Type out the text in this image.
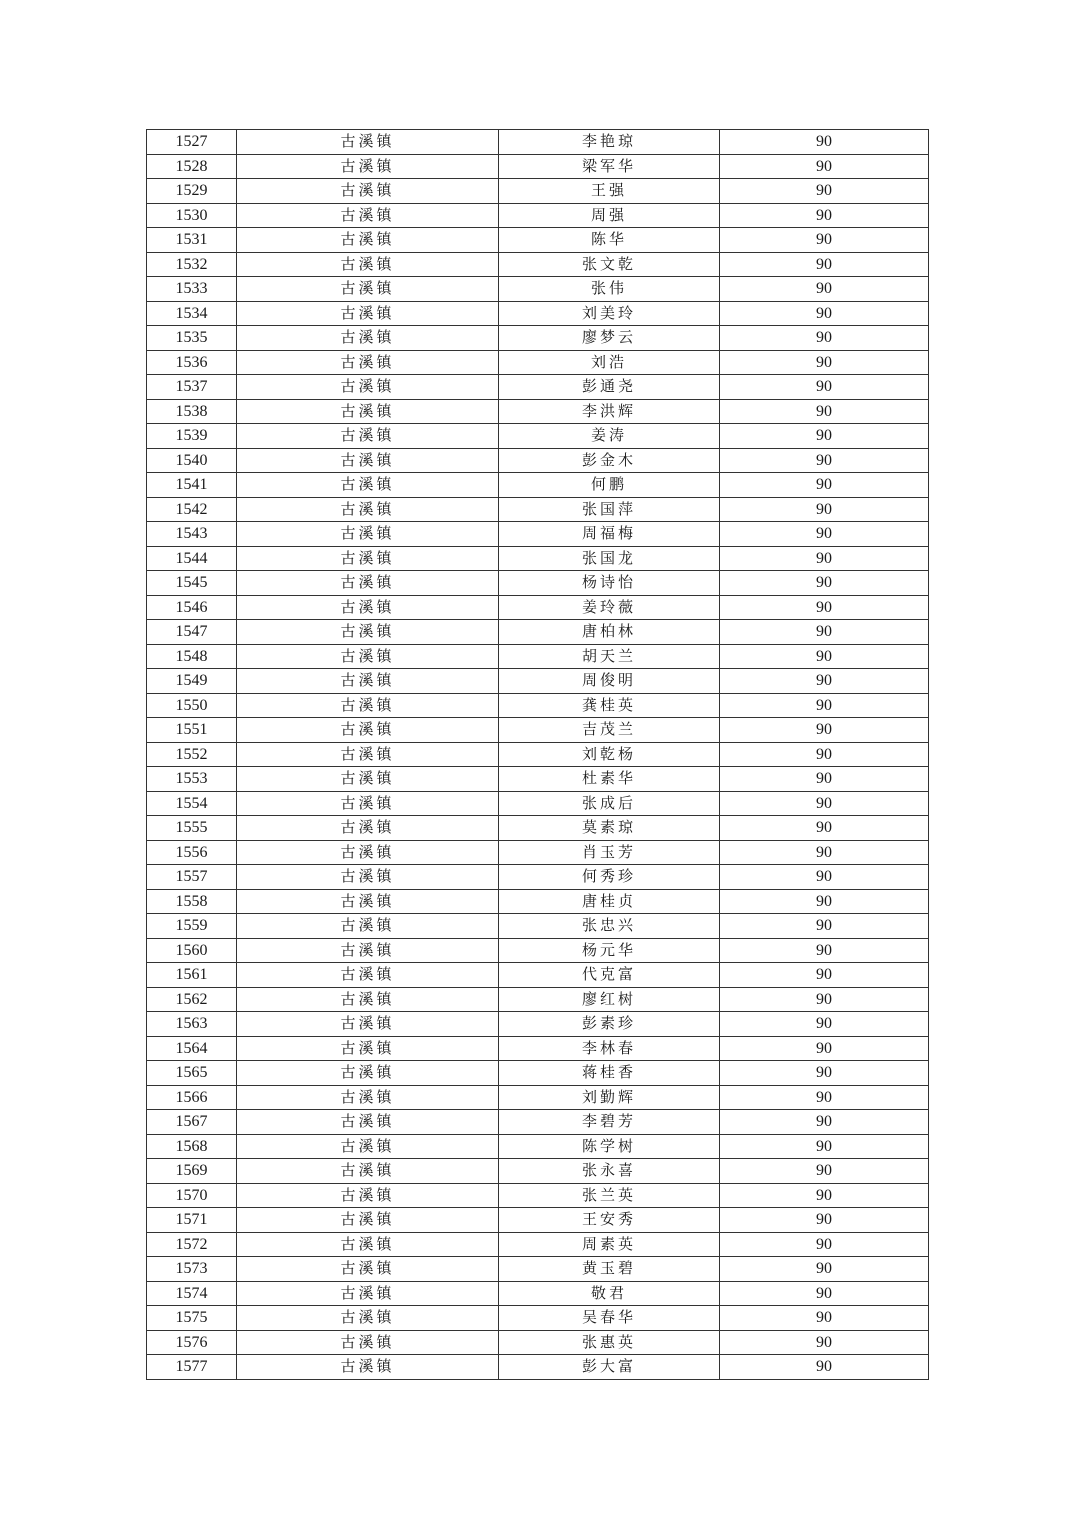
1527	古溪镇	李艳琼	90
1528	古溪镇	梁军华	90
1529	古溪镇	王强	90
1530	古溪镇	周强	90
1531	古溪镇	陈华	90
1532	古溪镇	张文乾	90
1533	古溪镇	张伟	90
1534	古溪镇	刘美玲	90
1535	古溪镇	廖梦云	90
1536	古溪镇	刘浩	90
1537	古溪镇	彭通尧	90
1538	古溪镇	李洪辉	90
1539	古溪镇	姜涛	90
1540	古溪镇	彭金木	90
1541	古溪镇	何鹏	90
1542	古溪镇	张国萍	90
1543	古溪镇	周福梅	90
1544	古溪镇	张国龙	90
1545	古溪镇	杨诗怡	90
1546	古溪镇	姜玲薇	90
1547	古溪镇	唐柏林	90
1548	古溪镇	胡天兰	90
1549	古溪镇	周俊明	90
1550	古溪镇	龚桂英	90
1551	古溪镇	吉茂兰	90
1552	古溪镇	刘乾杨	90
1553	古溪镇	杜素华	90
1554	古溪镇	张成后	90
1555	古溪镇	莫素琼	90
1556	古溪镇	肖玉芳	90
1557	古溪镇	何秀珍	90
1558	古溪镇	唐桂贞	90
1559	古溪镇	张忠兴	90
1560	古溪镇	杨元华	90
1561	古溪镇	代克富	90
1562	古溪镇	廖红树	90
1563	古溪镇	彭素珍	90
1564	古溪镇	李林春	90
1565	古溪镇	蒋桂香	90
1566	古溪镇	刘勤辉	90
1567	古溪镇	李碧芳	90
1568	古溪镇	陈学树	90
1569	古溪镇	张永喜	90
1570	古溪镇	张兰英	90
1571	古溪镇	王安秀	90
1572	古溪镇	周素英	90
1573	古溪镇	黄玉碧	90
1574	古溪镇	敬君	90
1575	古溪镇	吴春华	90
1576	古溪镇	张惠英	90
1577	古溪镇	彭大富	90
